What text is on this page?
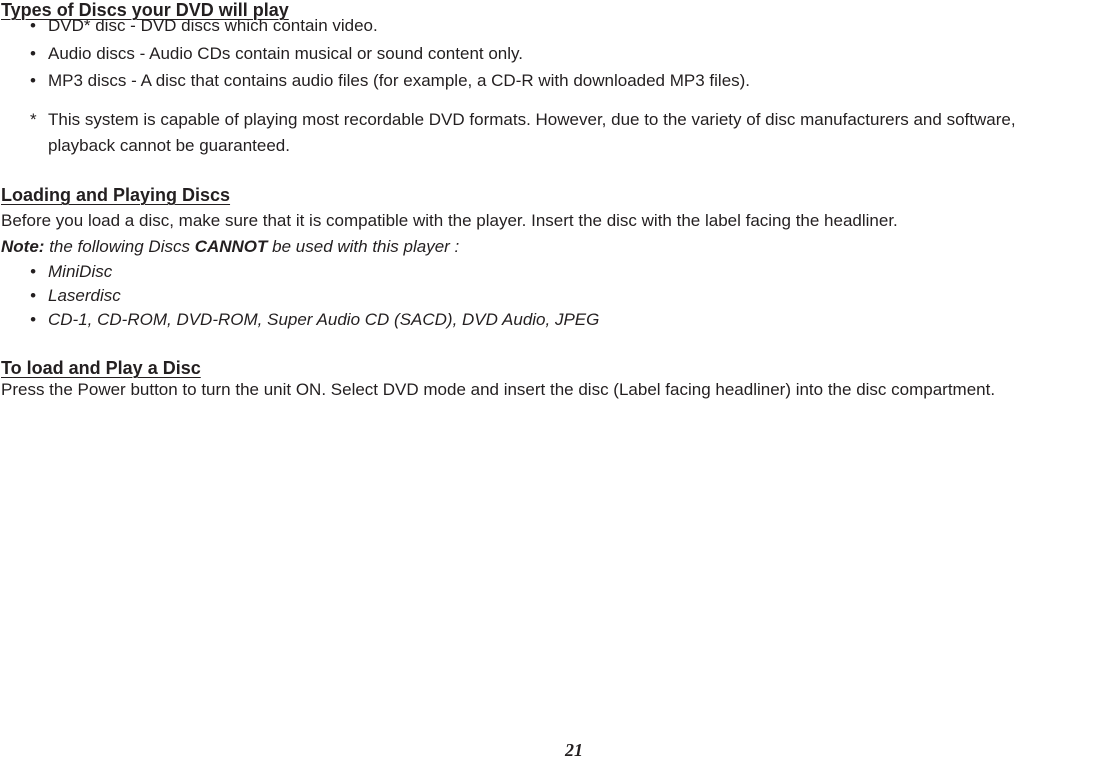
Types of Discs your DVD will play
• DVD* disc - DVD discs which contain video.
• Audio discs - Audio CDs contain musical or sound content only.
• MP3 discs - A disc that contains audio files (for example, a CD-R with downloaded MP3 files).
* This system is capable of playing most recordable DVD formats. However, due to the variety of disc manufacturers and software,
playback cannot be guaranteed.
Loading and Playing Discs
Before you load a disc, make sure that it is compatible with the player. Insert the disc with the label facing the headliner.
Note: the following Discs CANNOT be used with this player :
• MiniDisc
• Laserdisc
• CD-1, CD-ROM, DVD-ROM, Super Audio CD (SACD), DVD Audio, JPEG
To load and Play a Disc
Press the Power button to turn the unit ON. Select DVD mode and insert the disc (Label facing headliner) into the disc compartment.
21
